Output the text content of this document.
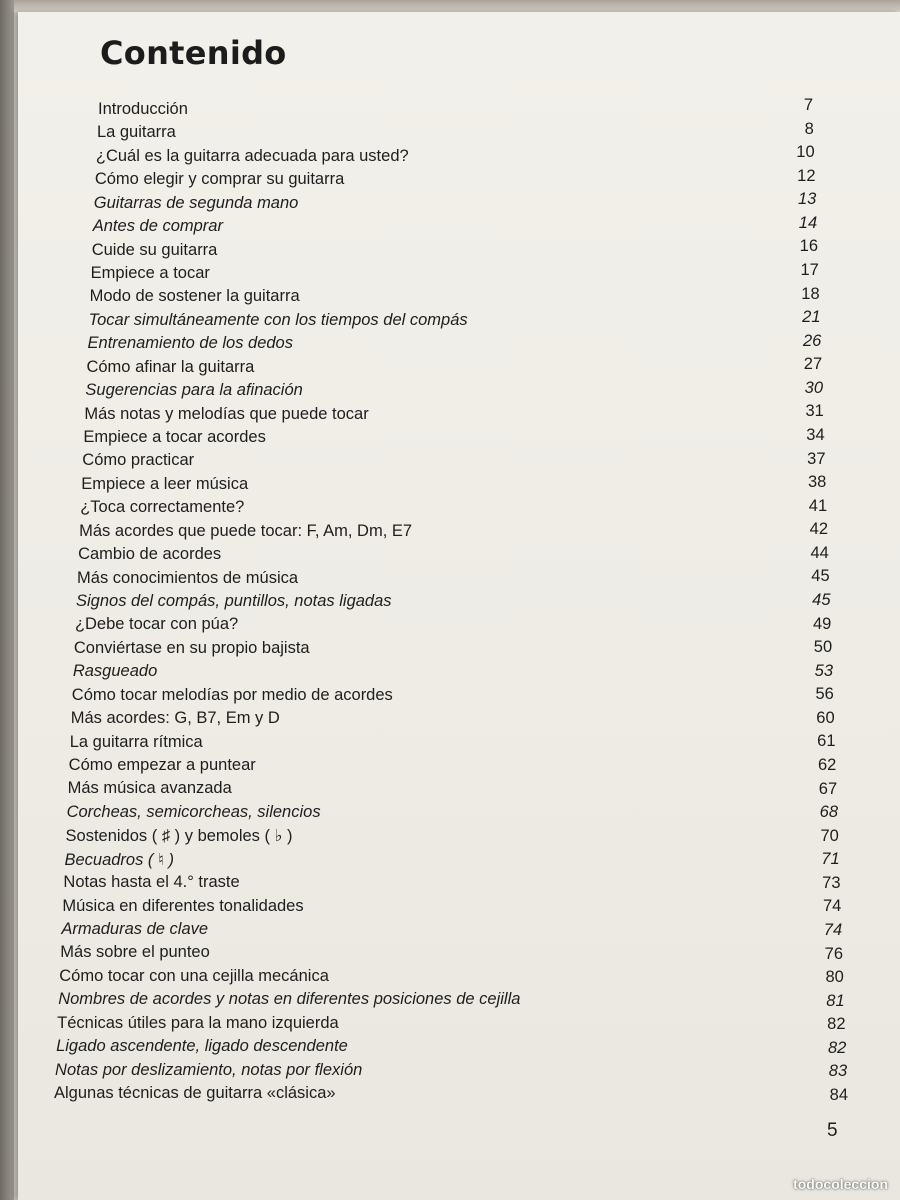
Contenido
Introducción	7
La guitarra	8
¿Cuál es la guitarra adecuada para usted?	10
Cómo elegir y comprar su guitarra	12
Guitarras de segunda mano	13
Antes de comprar	14
Cuide su guitarra	16
Empiece a tocar	17
Modo de sostener la guitarra	18
Tocar simultáneamente con los tiempos del compás	21
Entrenamiento de los dedos	26
Cómo afinar la guitarra	27
Sugerencias para la afinación	30
Más notas y melodías que puede tocar	31
Empiece a tocar acordes	34
Cómo practicar	37
Empiece a leer música	38
¿Toca correctamente?	41
Más acordes que puede tocar: F, Am, Dm, E7	42
Cambio de acordes	44
Más conocimientos de música	45
Signos del compás, puntillos, notas ligadas	45
¿Debe tocar con púa?	49
Conviértase en su propio bajista	50
Rasgueado	53
Cómo tocar melodías por medio de acordes	56
Más acordes: G, B7, Em y D	60
La guitarra rítmica	61
Cómo empezar a puntear	62
Más música avanzada	67
Corcheas, semicorcheas, silencios	68
Sostenidos ( ♯ ) y bemoles ( ♭ )	70
Becuadros ( ♮ )	71
Notas hasta el 4.° traste	73
Música en diferentes tonalidades	74
Armaduras de clave	74
Más sobre el punteo	76
Cómo tocar con una cejilla mecánica	80
Nombres de acordes y notas en diferentes posiciones de cejilla	81
Técnicas útiles para la mano izquierda	82
Ligado ascendente, ligado descendente	82
Notas por deslizamiento, notas por flexión	83
Algunas técnicas de guitarra «clásica»	84
5
todocoleccion
